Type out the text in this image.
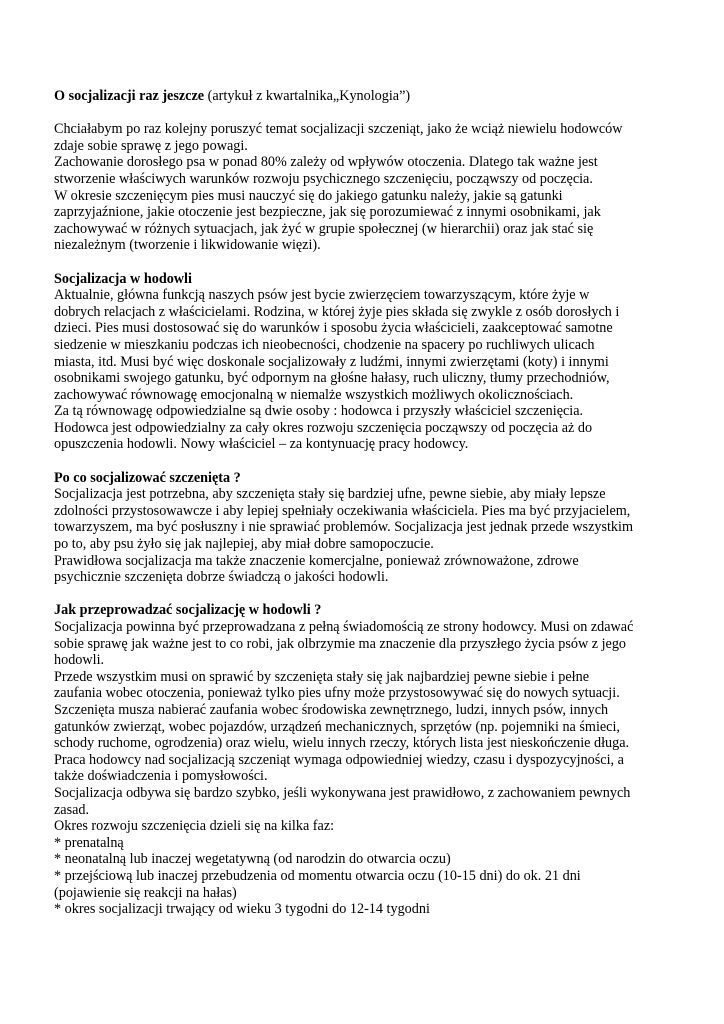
O socjalizacji raz jeszcze (artykuł z kwartalnika„Kynologia”)

Chciałabym po raz kolejny poruszyć temat socjalizacji szczeniąt, jako że wciąż niewielu hodowców

zdaje sobie sprawę z jego powagi.

Zachowanie dorosłego psa w ponad 80% zależy od wpływów otoczenia. Dlatego tak ważne jest

stworzenie właściwych warunków rozwoju psychicznego szczenięciu, począwszy od poczęcia.

W okresie szczenięcym pies musi nauczyć się do jakiego gatunku należy, jakie są gatunki

zaprzyjaźnione, jakie otoczenie jest bezpieczne, jak się porozumiewać z innymi osobnikami, jak

zachowywać w różnych sytuacjach, jak żyć w grupie społecznej (w hierarchii) oraz jak stać się

niezależnym (tworzenie i likwidowanie więzi).

Socjalizacja w hodowli

Aktualnie, główna funkcją naszych psów jest bycie zwierzęciem towarzyszącym, które żyje w

dobrych relacjach z właścicielami. Rodzina, w której żyje pies składa się zwykle z osób dorosłych i

dzieci. Pies musi dostosować się do warunków i sposobu życia właścicieli, zaakceptować samotne

siedzenie w mieszkaniu podczas ich nieobecności, chodzenie na spacery po ruchliwych ulicach

miasta, itd. Musi być więc doskonale socjalizowały z ludźmi, innymi zwierzętami (koty) i innymi

osobnikami swojego gatunku, być odpornym na głośne hałasy, ruch uliczny, tłumy przechodniów,

zachowywać równowagę emocjonalną w niemalże wszystkich możliwych okolicznościach.

Za tą równowagę odpowiedzialne są dwie osoby : hodowca i przyszły właściciel szczenięcia.

Hodowca jest odpowiedzialny za cały okres rozwoju szczenięcia począwszy od poczęcia aż do

opuszczenia hodowli. Nowy właściciel – za kontynuację pracy hodowcy.

Po co socjalizować szczenięta ?

Socjalizacja jest potrzebna, aby szczenięta stały się bardziej ufne, pewne siebie, aby miały lepsze

zdolności przystosowawcze i aby lepiej spełniały oczekiwania właściciela. Pies ma być przyjacielem,

towarzyszem, ma być posłuszny i nie sprawiać problemów. Socjalizacja jest jednak przede wszystkim

po to, aby psu żyło się jak najlepiej, aby miał dobre samopoczucie.

Prawidłowa socjalizacja ma także znaczenie komercjalne, ponieważ zrównoważone, zdrowe

psychicznie szczenięta dobrze świadczą o jakości hodowli.

Jak przeprowadzać socjalizację w hodowli ?

Socjalizacja powinna być przeprowadzana z pełną świadomością ze strony hodowcy. Musi on zdawać

sobie sprawę jak ważne jest to co robi, jak olbrzymie ma znaczenie dla przyszłego życia psów z jego

hodowli.

Przede wszystkim musi on sprawić by szczenięta stały się jak najbardziej pewne siebie i pełne

zaufania wobec otoczenia, ponieważ tylko pies ufny może przystosowywać się do nowych sytuacji.

Szczenięta musza nabierać zaufania wobec środowiska zewnętrznego, ludzi, innych psów, innych

gatunków zwierząt, wobec pojazdów, urządzeń mechanicznych, sprzętów (np. pojemniki na śmieci,

schody ruchome, ogrodzenia) oraz wielu, wielu innych rzeczy, których lista jest nieskończenie długa.

Praca hodowcy nad socjalizacją szczeniąt wymaga odpowiedniej wiedzy, czasu i dyspozycyjności, a

także doświadczenia i pomysłowości.

Socjalizacja odbywa się bardzo szybko, jeśli wykonywana jest prawidłowo, z zachowaniem pewnych

zasad.

Okres rozwoju szczenięcia dzieli się na kilka faz:

* prenatalną

* neonatalną lub inaczej wegetatywną (od narodzin do otwarcia oczu)

* przejściową lub inaczej przebudzenia od momentu otwarcia oczu (10-15 dni) do ok. 21 dni

(pojawienie się reakcji na hałas)

* okres socjalizacji trwający od wieku 3 tygodni do 12-14 tygodni
